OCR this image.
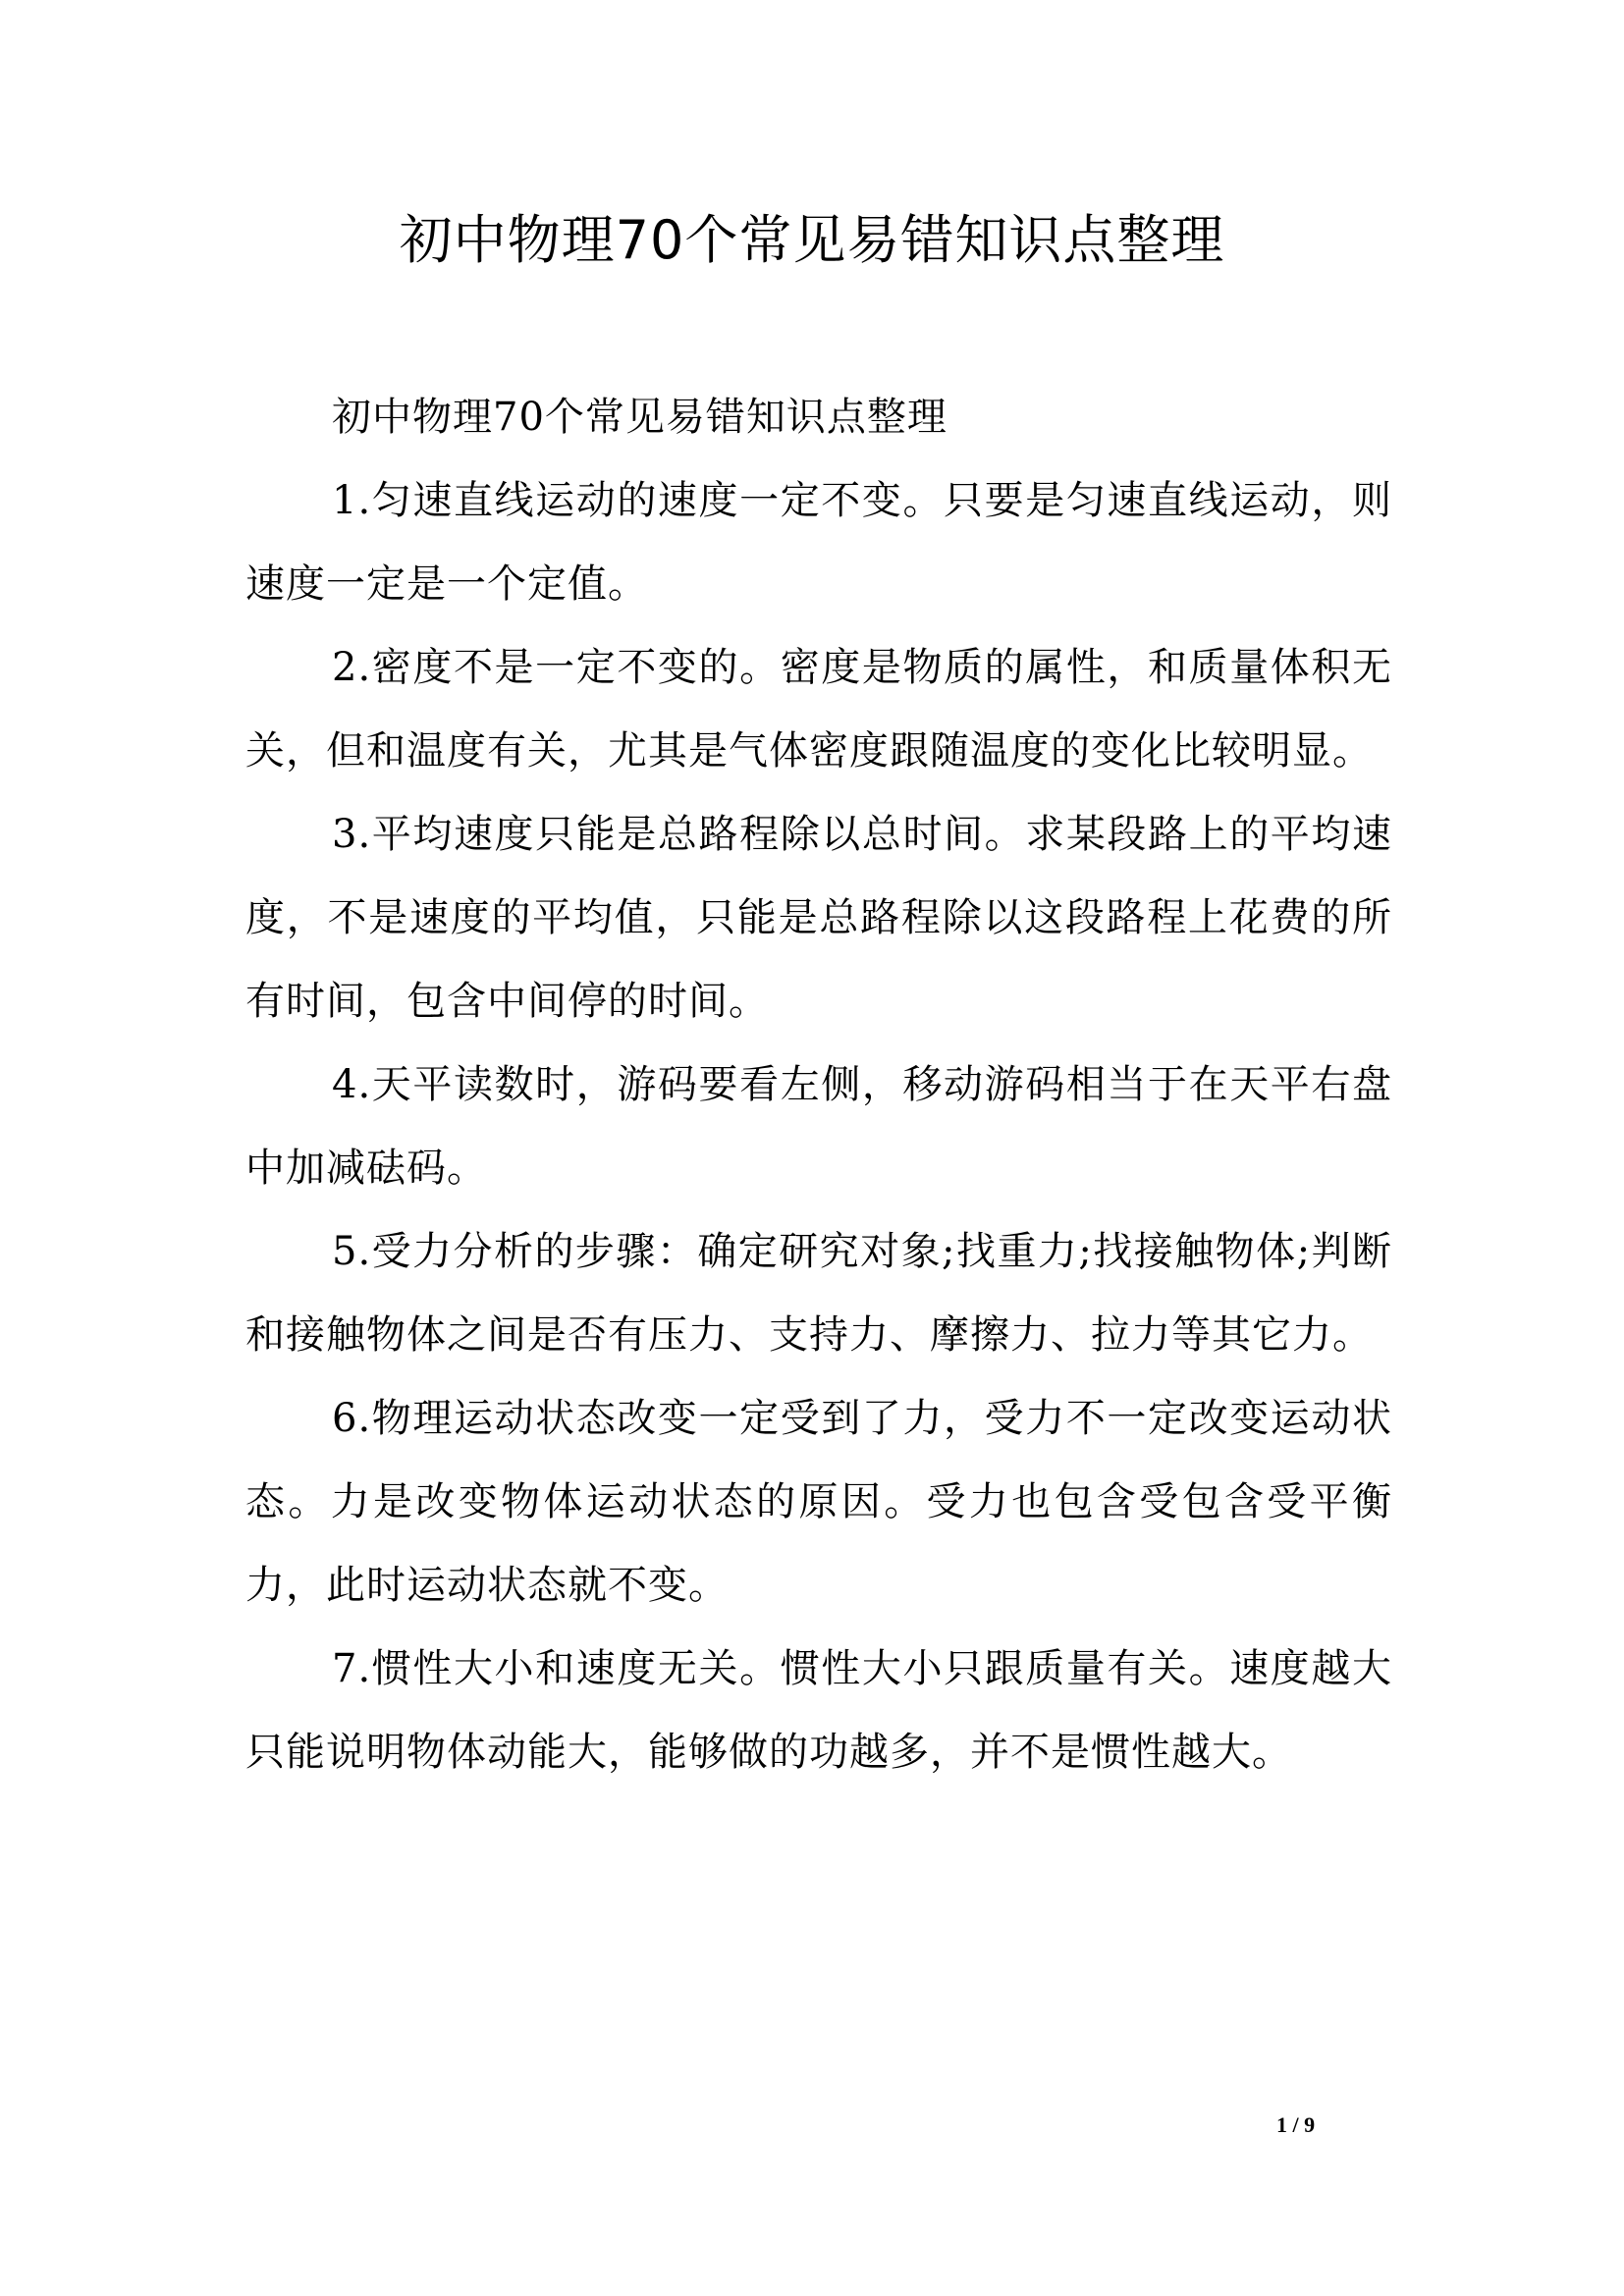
初中物理70个常见易错知识点整理

初中物理70个常见易错知识点整理

1.匀速直线运动的速度一定不变。只要是匀速直线运动，则速度一定是一个定值。

2.密度不是一定不变的。密度是物质的属性，和质量体积无关，但和温度有关，尤其是气体密度跟随温度的变化比较明显。

3.平均速度只能是总路程除以总时间。求某段路上的平均速度，不是速度的平均值，只能是总路程除以这段路程上花费的所有时间，包含中间停的时间。

4.天平读数时，游码要看左侧，移动游码相当于在天平右盘中加减砝码。

5.受力分析的步骤：确定研究对象;找重力;找接触物体;判断和接触物体之间是否有压力、支持力、摩擦力、拉力等其它力。

6.物理运动状态改变一定受到了力，受力不一定改变运动状态。力是改变物体运动状态的原因。受力也包含受包含受平衡力，此时运动状态就不变。

7.惯性大小和速度无关。惯性大小只跟质量有关。速度越大只能说明物体动能大，能够做的功越多，并不是惯性越大。

1 / 9
